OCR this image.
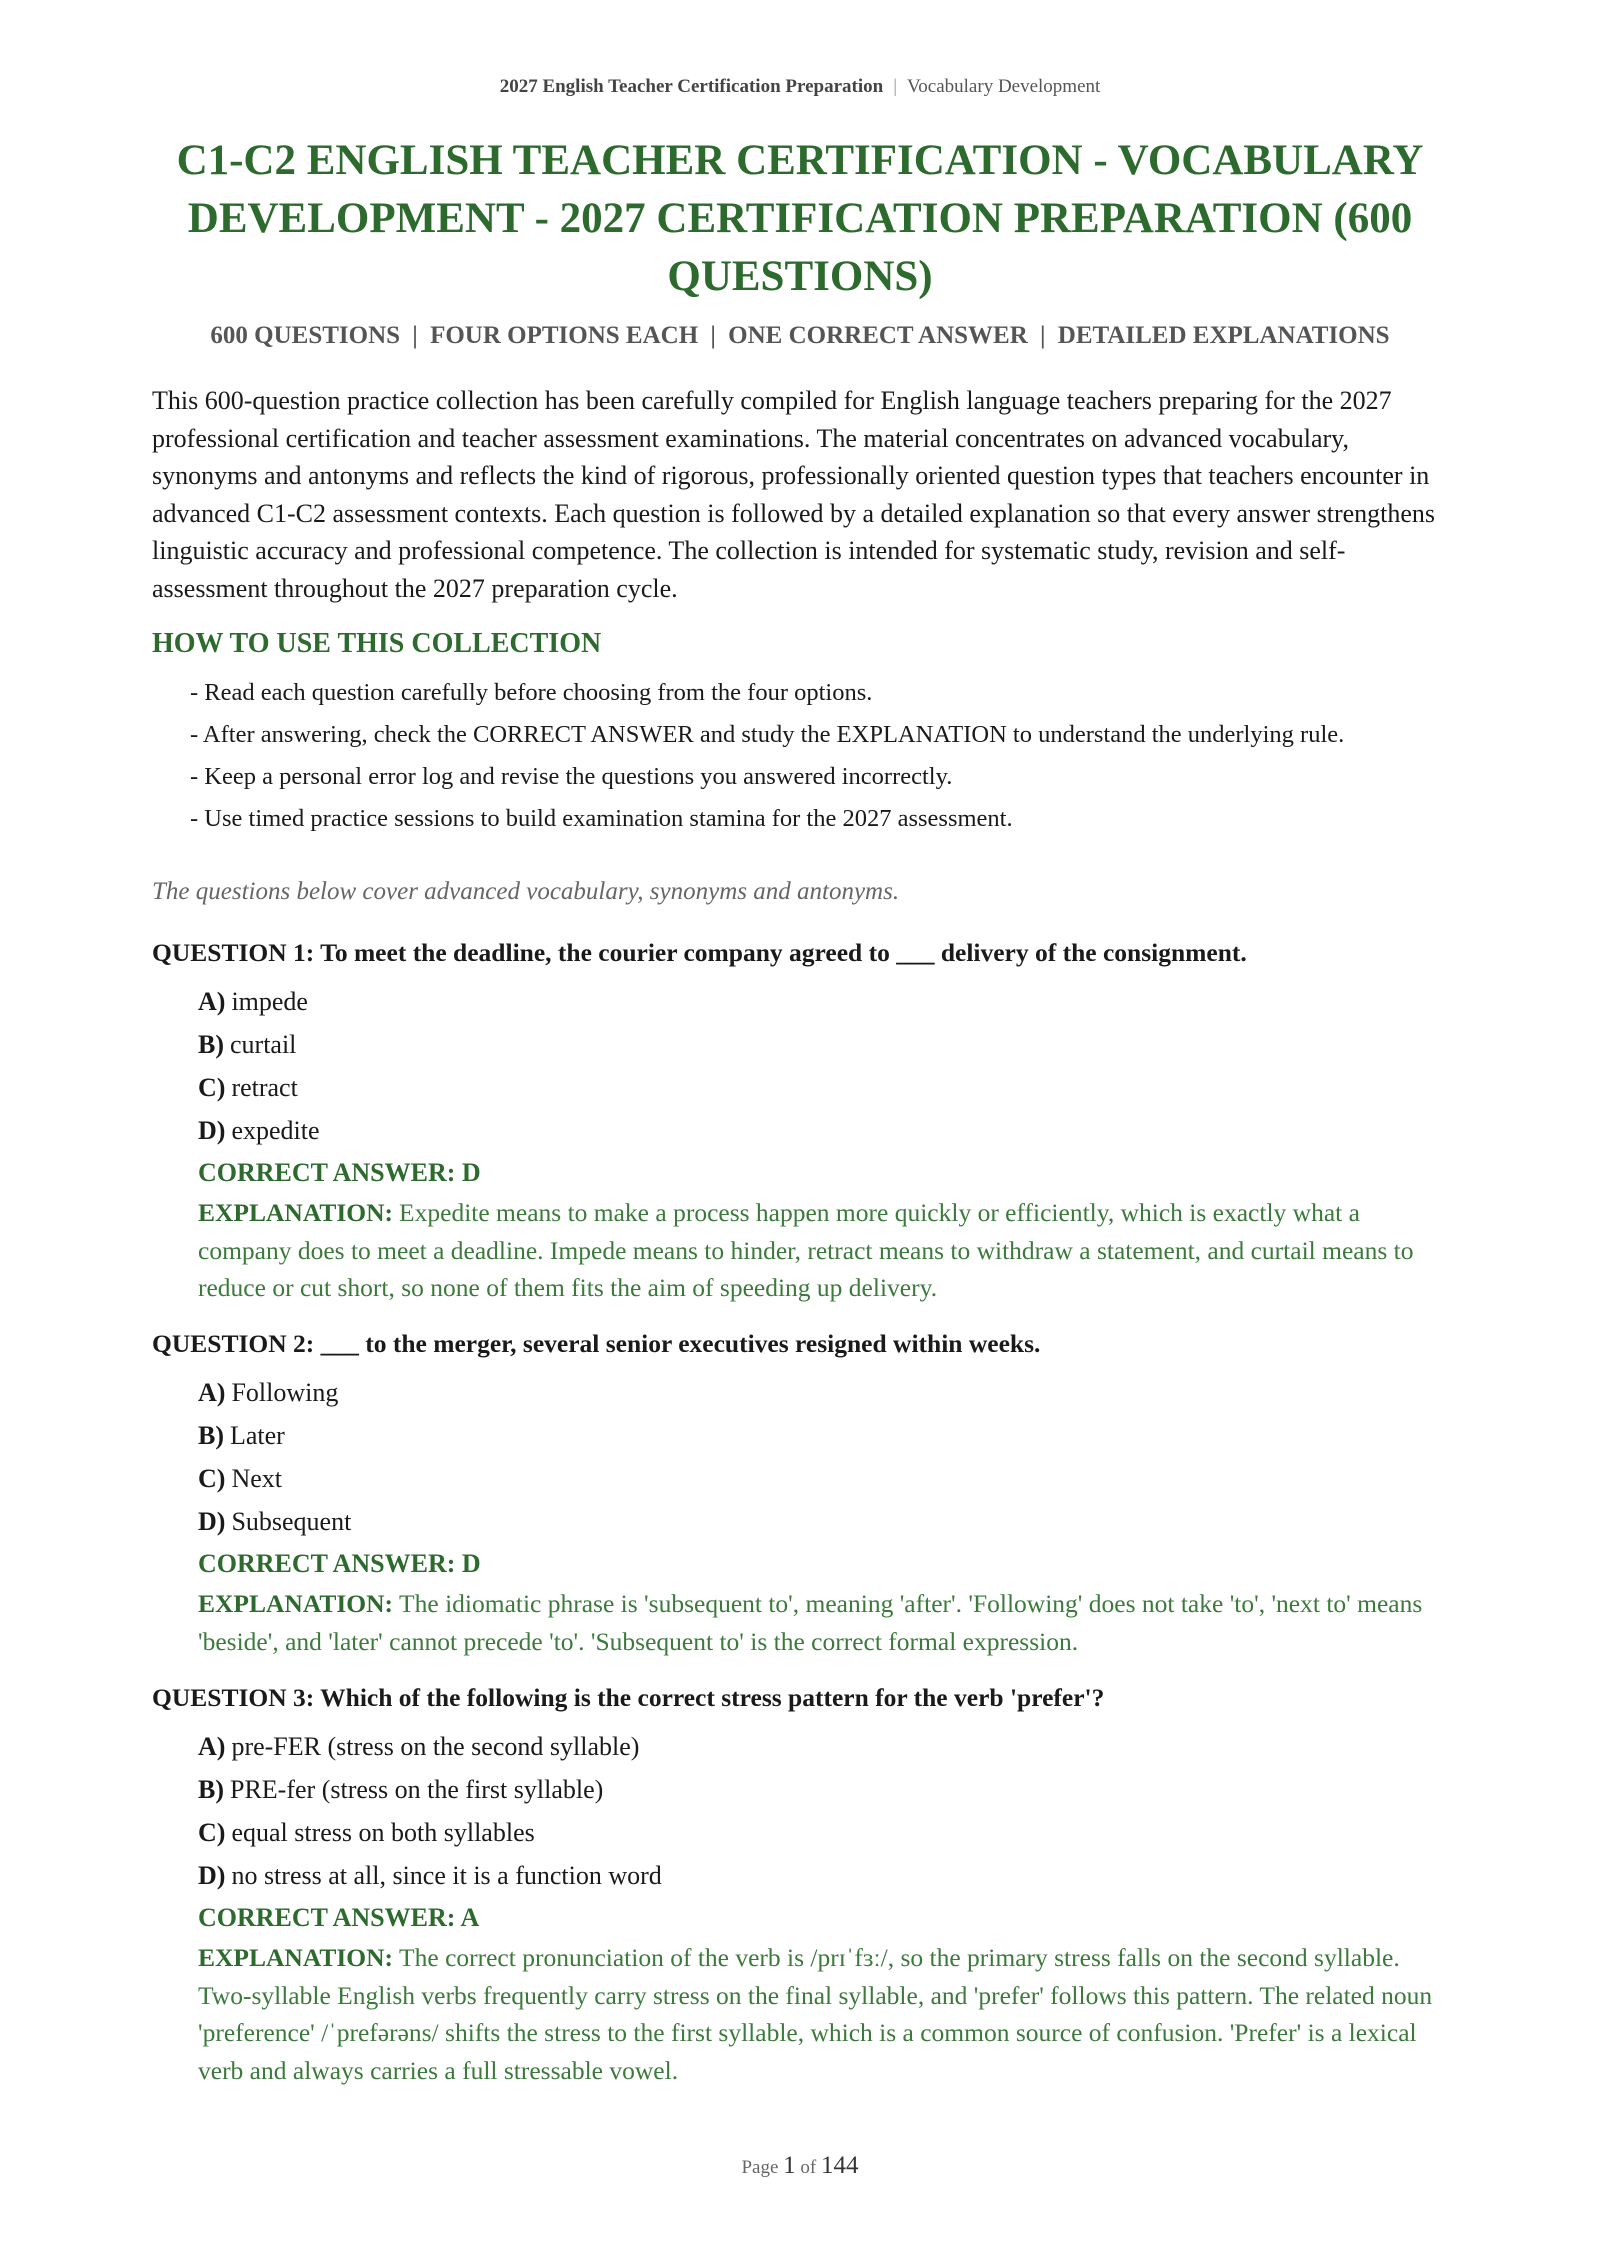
2027 English Teacher Certification Preparation | Vocabulary Development
C1-C2 ENGLISH TEACHER CERTIFICATION - VOCABULARY DEVELOPMENT - 2027 CERTIFICATION PREPARATION (600 QUESTIONS)
600 QUESTIONS | FOUR OPTIONS EACH | ONE CORRECT ANSWER | DETAILED EXPLANATIONS

This 600-question practice collection has been carefully compiled for English language teachers preparing for the 2027 professional certification and teacher assessment examinations. The material concentrates on advanced vocabulary, synonyms and antonyms and reflects the kind of rigorous, professionally oriented question types that teachers encounter in advanced C1-C2 assessment contexts. Each question is followed by a detailed explanation so that every answer strengthens linguistic accuracy and professional competence. The collection is intended for systematic study, revision and self-assessment throughout the 2027 preparation cycle.

HOW TO USE THIS COLLECTION
- Read each question carefully before choosing from the four options.
- After answering, check the CORRECT ANSWER and study the EXPLANATION to understand the underlying rule.
- Keep a personal error log and revise the questions you answered incorrectly.
- Use timed practice sessions to build examination stamina for the 2027 assessment.

The questions below cover advanced vocabulary, synonyms and antonyms.

QUESTION 1: To meet the deadline, the courier company agreed to ___ delivery of the consignment.

A) impede
B) curtail
C) retract
D) expedite

CORRECT ANSWER: D

EXPLANATION: Expedite means to make a process happen more quickly or efficiently, which is exactly what a company does to meet a deadline. Impede means to hinder, retract means to withdraw a statement, and curtail means to reduce or cut short, so none of them fits the aim of speeding up delivery.

QUESTION 2: ___ to the merger, several senior executives resigned within weeks.

A) Following
B) Later
C) Next
D) Subsequent

CORRECT ANSWER: D

EXPLANATION: The idiomatic phrase is 'subsequent to', meaning 'after'. 'Following' does not take 'to', 'next to' means 'beside', and 'later' cannot precede 'to'. 'Subsequent to' is the correct formal expression.

QUESTION 3: Which of the following is the correct stress pattern for the verb 'prefer'?

A) pre-FER (stress on the second syllable)
B) PRE-fer (stress on the first syllable)
C) equal stress on both syllables
D) no stress at all, since it is a function word

CORRECT ANSWER: A

EXPLANATION: The correct pronunciation of the verb is /prɪˈfɜː/, so the primary stress falls on the second syllable. Two-syllable English verbs frequently carry stress on the final syllable, and 'prefer' follows this pattern. The related noun 'preference' /ˈprefərəns/ shifts the stress to the first syllable, which is a common source of confusion. 'Prefer' is a lexical verb and always carries a full stressable vowel.

Page 1 of 144
